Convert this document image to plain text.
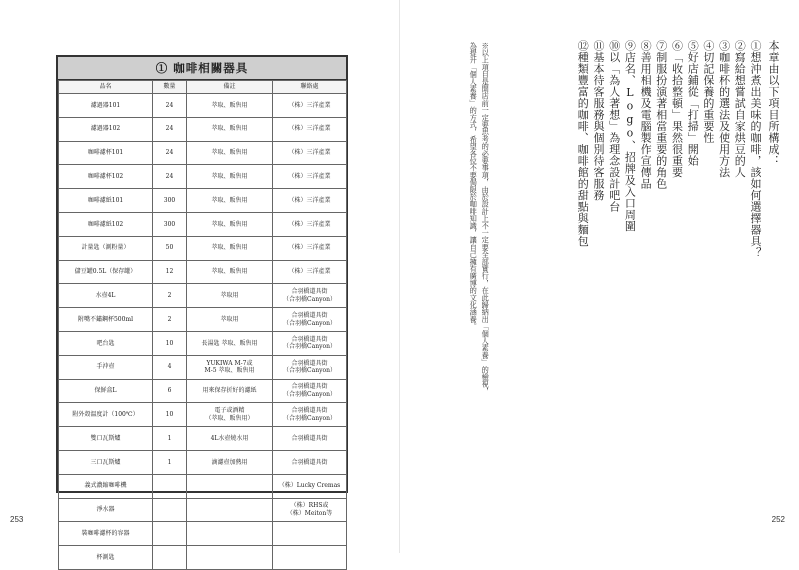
① 咖啡相關器具
品名	數量	備註	聯絡處
濾過器101	24	萃取、販售用	（株）三洋產業
濾過器102	24	萃取、販售用	（株）三洋產業
咖啡濾杯101	24	萃取、販售用	（株）三洋產業
咖啡濾杯102	24	萃取、販售用	（株）三洋產業
咖啡濾紙101	300	萃取、販售用	（株）三洋產業
咖啡濾紙102	300	萃取、販售用	（株）三洋產業
計量匙（測粉量）	50	萃取、販售用	（株）三洋產業
儲豆罐0.5L（保存罐）	12	萃取、販售用	（株）三洋產業
水壺4L	2	萃取用	合羽橋道具街
（合羽橋Canyon）
附嘴不鏽鋼杯500ml	2	萃取用	合羽橋道具街
（合羽橋Canyon）
吧台匙	10	長湯匙 萃取、販售用	合羽橋道具街
（合羽橋Canyon）
手沖壺	4	YUKIWA M-7或
M-5 萃取、販售用	合羽橋道具街
（合羽橋Canyon）
保鮮盒L	6	用來保存折好的濾紙	合羽橋道具街
（合羽橋Canyon）
附外殼溫度計（100℃）	10	電子或酒精
（萃取、販售用）	合羽橋道具街
（合羽橋Canyon）
雙口瓦斯爐	1	4L水壺燒水用	合羽橋道具街
三口瓦斯爐	1	滴濾壺加熱用	合羽橋道具街
義式濃縮咖啡機			（株）Lucky Cremas
淨水器			（株）RHS或
（株）Meiton等
裝咖啡濾杯的容器			
杯測匙			
253
本章由以下項目所構成：
①想沖煮出美味的咖啡，該如何選擇器具？
②寫給想嘗試自家烘豆的人
③咖啡杯的選法及使用方法
④切記保養的重要性
⑤好店鋪從「打掃」開始
⑥「收拾整頓」果然很重要
⑦制服扮演著相當重要的角色
⑧善用相機及電腦製作宣傳品
⑨店名、Logo、招牌及入口周圍
⑩以「為人著想」為理念設計吧台
⑪基本待客服務與個別待客服務
⑫種類豐富的咖啡、咖啡館的甜點與麵包
※以上項目是開店前一定要思考的必要事項，由於設計上不一定要全部實行，在此歸納出「個人素養」的檢視，
為提升「個人素養」的方式，希望各位不要侷限於咖啡知識，讓自己擁有廣博的文化涵養。
252
